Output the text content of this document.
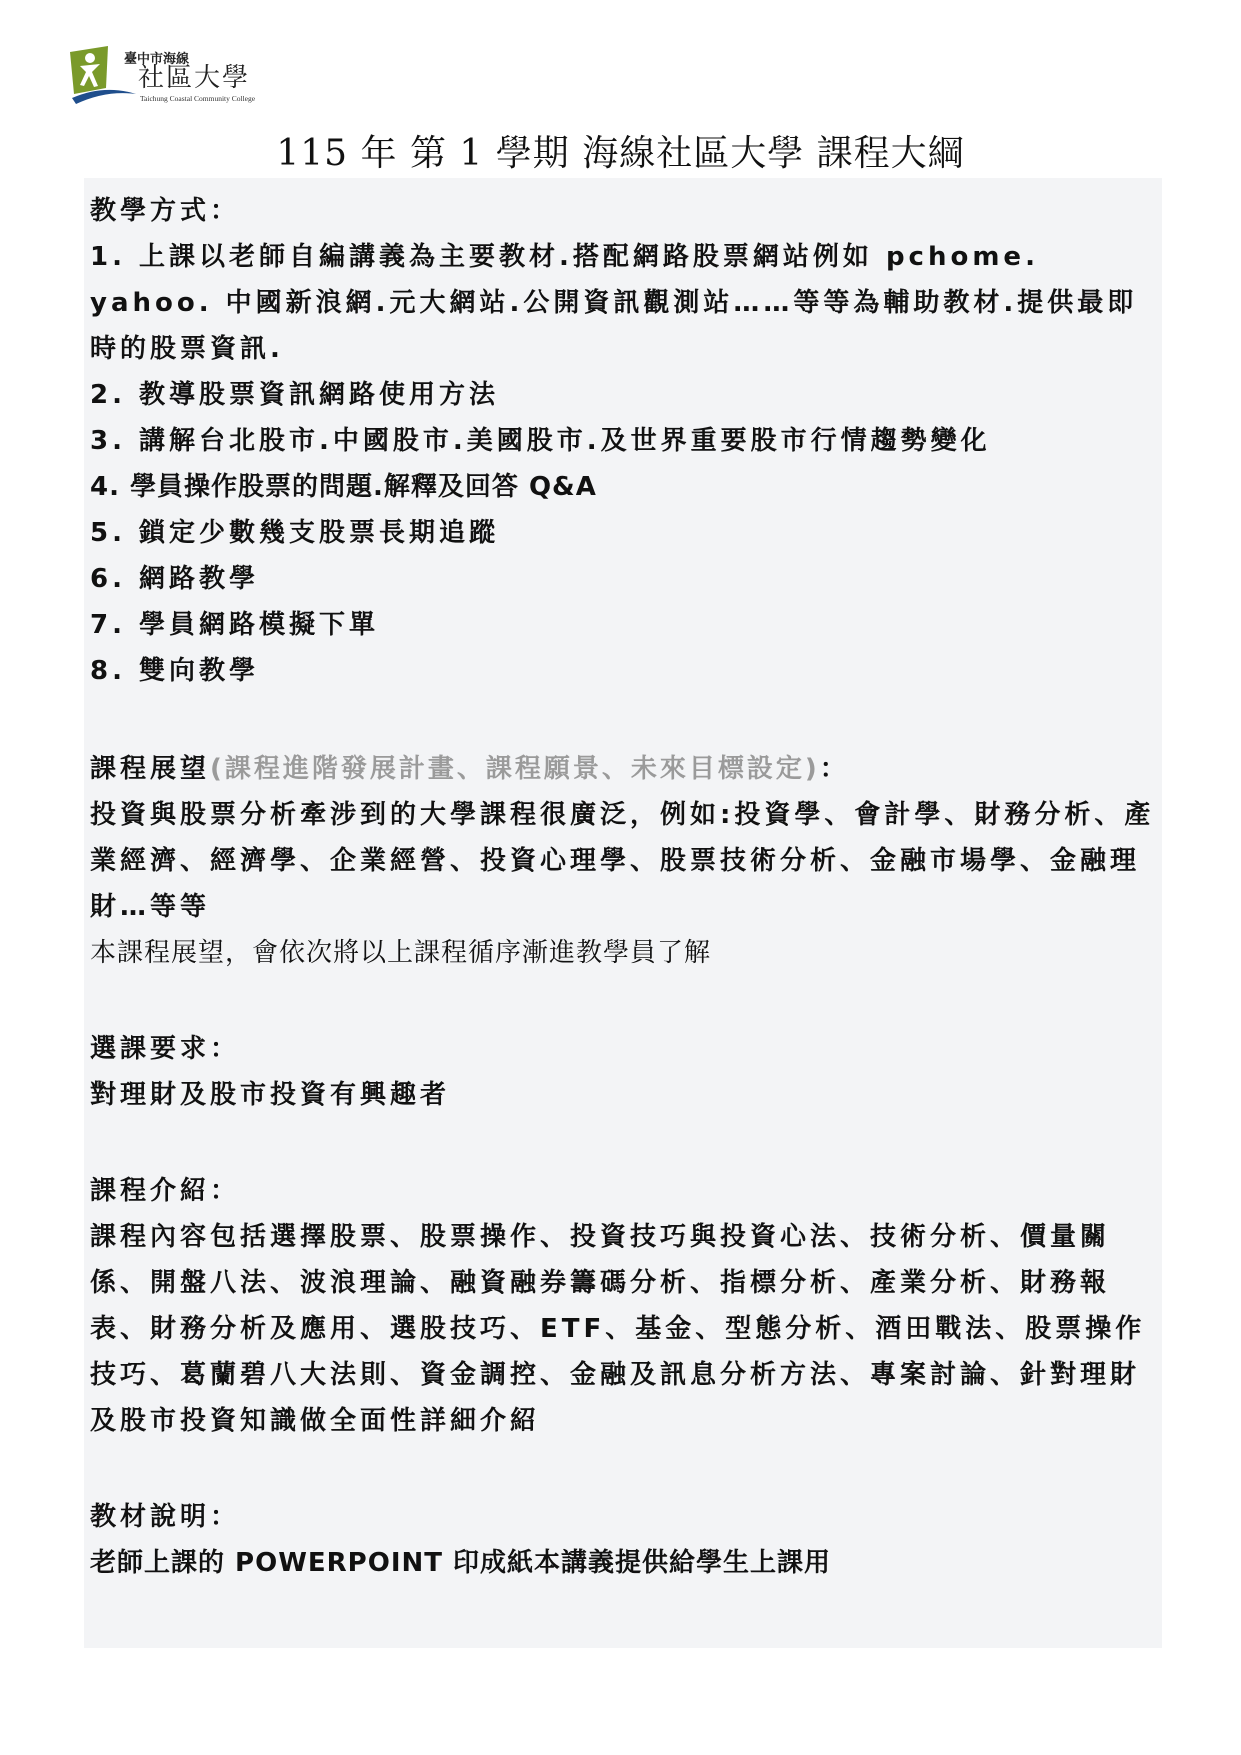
臺中市海線
社區大學
Taichung Coastal Community College
115 年 第 1 學期 海線社區大學 課程大綱

教學方式：

1. 上課以老師自編講義為主要教材.搭配網路股票網站例如 pchome. yahoo. 中國新浪網.元大網站.公開資訊觀測站……等等為輔助教材.提供最即時的股票資訊.

2. 教導股票資訊網路使用方法

3. 講解台北股市.中國股市.美國股市.及世界重要股市行情趨勢變化

4. 學員操作股票的問題.解釋及回答 Q&A

5. 鎖定少數幾支股票長期追蹤

6. 網路教學

7. 學員網路模擬下單

8. 雙向教學

課程展望(課程進階發展計畫、課程願景、未來目標設定)：

投資與股票分析牽涉到的大學課程很廣泛，例如:投資學、會計學、財務分析、產業經濟、經濟學、企業經營、投資心理學、股票技術分析、金融市場學、金融理財…等等

本課程展望，會依次將以上課程循序漸進教學員了解

選課要求：

對理財及股市投資有興趣者

課程介紹：

課程內容包括選擇股票、股票操作、投資技巧與投資心法、技術分析、價量關係、開盤八法、波浪理論、融資融券籌碼分析、指標分析、產業分析、財務報表、財務分析及應用、選股技巧、ETF、基金、型態分析、酒田戰法、股票操作技巧、葛蘭碧八大法則、資金調控、金融及訊息分析方法、專案討論、針對理財及股市投資知識做全面性詳細介紹

教材說明：

老師上課的 POWERPOINT 印成紙本講義提供給學生上課用
